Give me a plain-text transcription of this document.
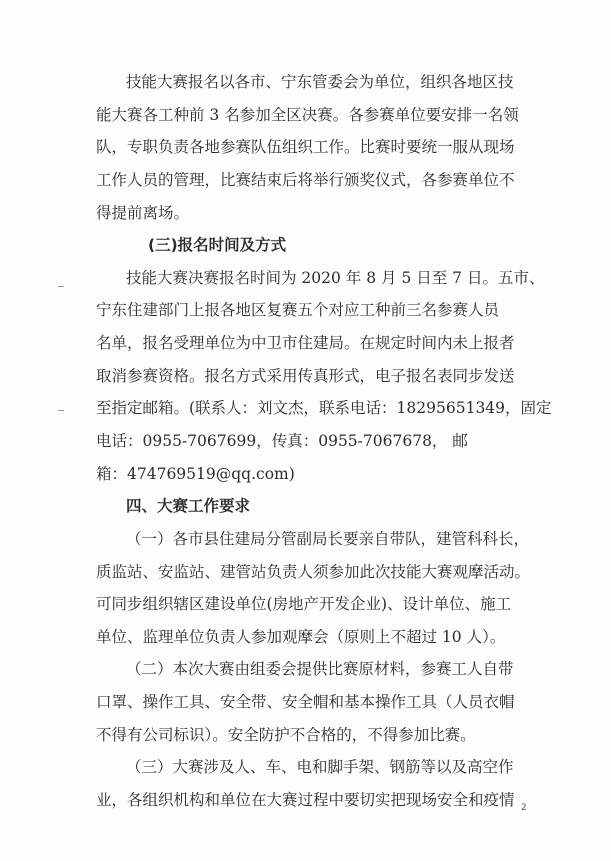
技能大赛报名以各市、宁东管委会为单位，组织各地区技
能大赛各工种前 3 名参加全区决赛。各参赛单位要安排一名领
队，专职负责各地参赛队伍组织工作。比赛时要统一服从现场
工作人员的管理，比赛结束后将举行颁奖仪式，各参赛单位不
得提前离场。
(三)报名时间及方式
技能大赛决赛报名时间为 2020 年 8 月 5 日至 7 日。五市、
宁东住建部门上报各地区复赛五个对应工种前三名参赛人员
名单，报名受理单位为中卫市住建局。在规定时间内未上报者
取消参赛资格。报名方式采用传真形式，电子报名表同步发送
至指定邮箱。(联系人：刘文杰，联系电话：18295651349，固定
电话：0955-7067699，传真：0955-7067678， 邮
箱：474769519@qq.com)
四、大赛工作要求
（一）各市县住建局分管副局长要亲自带队，建管科科长，
质监站、安监站、建管站负责人须参加此次技能大赛观摩活动。
可同步组织辖区建设单位(房地产开发企业)、设计单位、施工
单位、监理单位负责人参加观摩会（原则上不超过 10 人）。
（二）本次大赛由组委会提供比赛原材料，参赛工人自带
口罩、操作工具、安全带、安全帽和基本操作工具（人员衣帽
不得有公司标识）。安全防护不合格的，不得参加比赛。
（三）大赛涉及人、车、电和脚手架、钢筋等以及高空作
业，各组织机构和单位在大赛过程中要切实把现场安全和疫情 2
